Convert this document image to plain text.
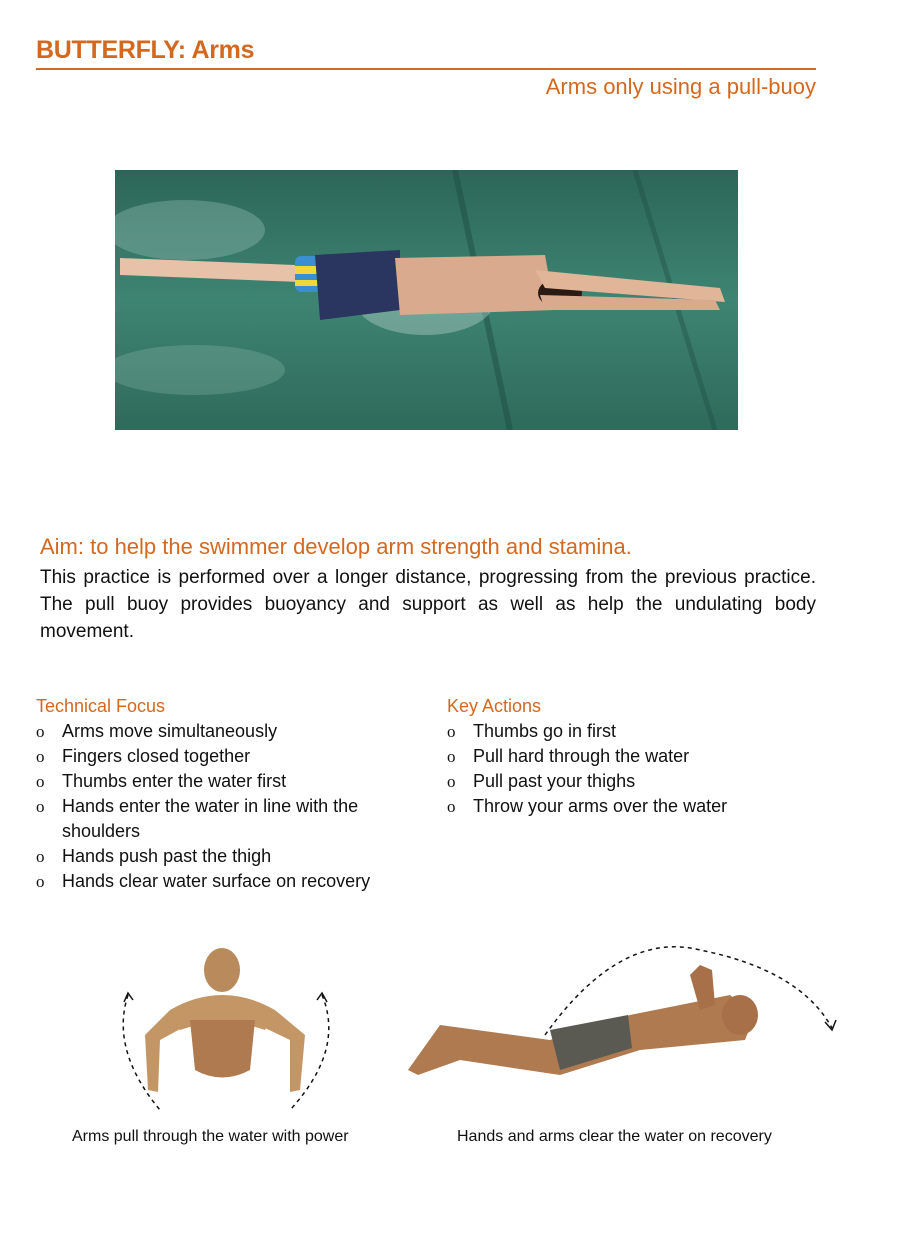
BUTTERFLY: Arms
Arms only using a pull-buoy
Aim: to help the swimmer develop arm strength and stamina.
This practice is performed over a longer distance, progressing from the previous practice. The pull buoy provides buoyancy and support as well as help the undulating body movement.
Technical Focus
o Arms move simultaneously
o Fingers closed together
o Thumbs enter the water first
o Hands enter the water in line with the shoulders
o Hands push past the thigh
o Hands clear water surface on recovery
Key Actions
o Thumbs go in first
o Pull hard through the water
o Pull past your thighs
o Throw your arms over the water
Arms pull through the water with power	Hands and arms clear the water on recovery
